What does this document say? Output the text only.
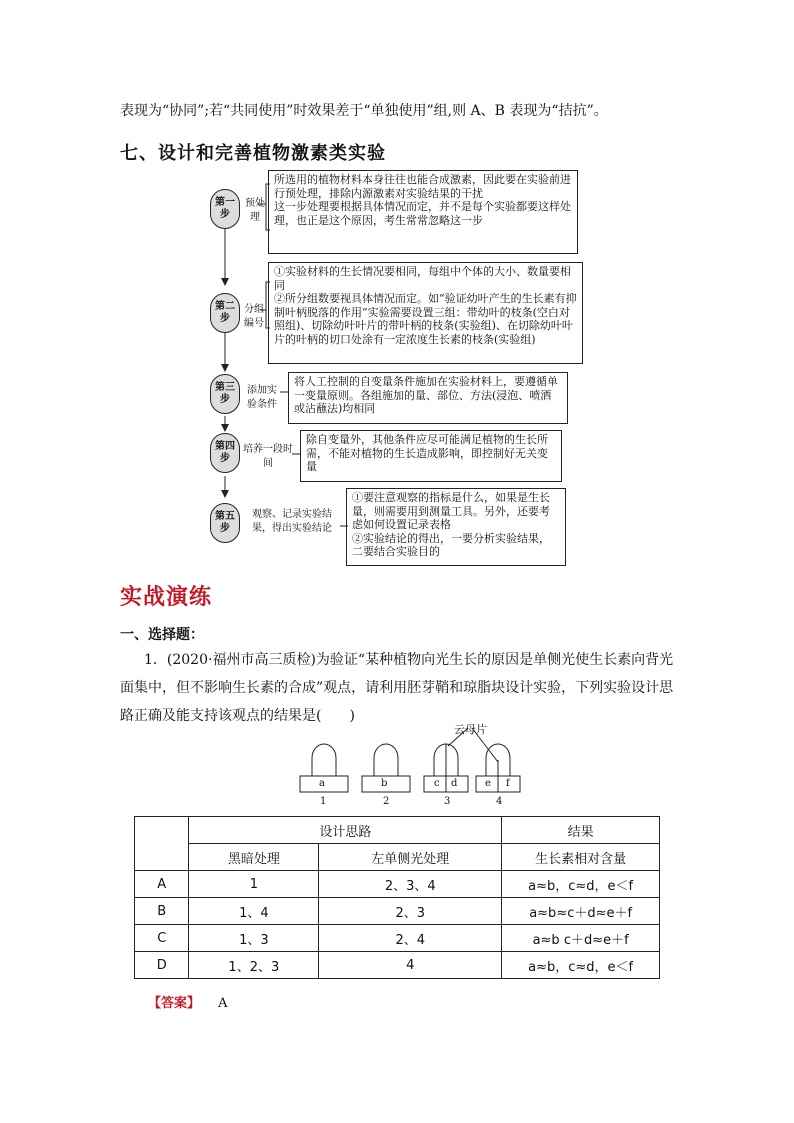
表现为“协同”;若“共同使用”时效果差于“单独使用”组,则 A、B 表现为“拮抗”。
七、设计和完善植物激素类实验
第一步
预处理

所选用的植物材料本身往往也能合成激素，因此要在实验前进行预处理，排除内源激素对实验结果的干扰

这一步处理要根据具体情况而定，并不是每个实验都要这样处理，也正是这个原因，考生常常忽略这一步

第二步
分组编号

①实验材料的生长情况要相同，每组中个体的大小、数量要相同

②所分组数要视具体情况而定。如“验证幼叶产生的生长素有抑制叶柄脱落的作用”实验需要设置三组：带幼叶的枝条(空白对照组)、切除幼叶叶片的带叶柄的枝条(实验组)、在切除幼叶叶片的叶柄的切口处涂有一定浓度生长素的枝条(实验组)

第三步
添加实验条件

将人工控制的自变量条件施加在实验材料上，要遵循单一变量原则。各组施加的量、部位、方法(浸泡、喷洒或沾蘸法)均相同

第四步
培养一段时间

除自变量外，其他条件应尽可能满足植物的生长所需，不能对植物的生长造成影响，即控制好无关变量

第五步
观察、记录实验结果，得出实验结论

①要注意观察的指标是什么，如果是生长量，则需要用到测量工具。另外，还要考虑如何设置记录表格

②实验结论的得出，一要分析实验结果，二要结合实验目的

实战演练
一、选择题：
1．(2020·福州市高三质检)为验证“某种植物向光生长的原因是单侧光使生长素向背光面集中，但不影响生长素的合成”观点，请利用胚芽鞘和琼脂块设计实验，下列实验设计思路正确及能支持该观点的结果是(　　)
云母片
a	b	c d	e f
1	2	3	4
	设计思路		结果
	黑暗处理	左单侧光处理	生长素相对含量
A	1	2、3、4	a≈b，c≈d，e＜f
B	1、4	2、3	a≈b≈c＋d≈e＋f
C	1、3	2、4	a≈b c＋d≈e＋f
D	1、2、3	4	a≈b，c≈d，e＜f
【答案】 A
